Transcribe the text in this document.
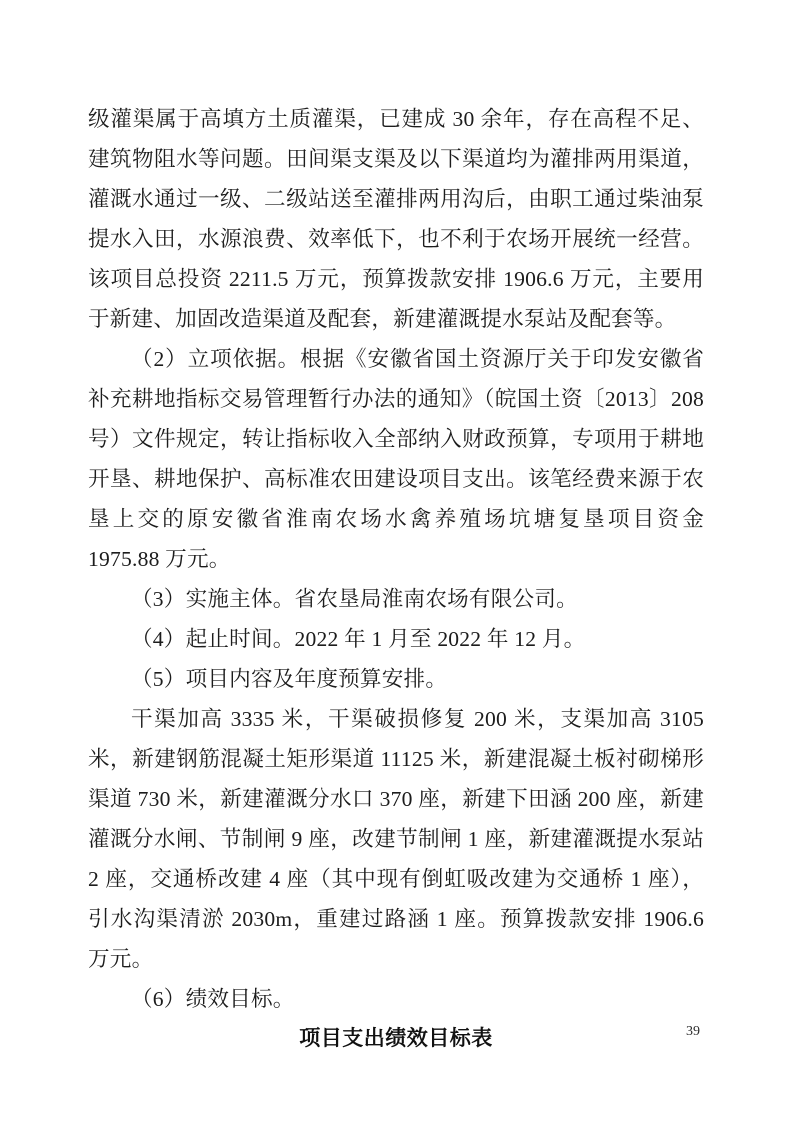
级灌渠属于高填方土质灌渠，已建成 30 余年，存在高程不足、建筑物阻水等问题。田间渠支渠及以下渠道均为灌排两用渠道，灌溉水通过一级、二级站送至灌排两用沟后，由职工通过柴油泵提水入田，水源浪费、效率低下，也不利于农场开展统一经营。该项目总投资 2211.5 万元，预算拨款安排 1906.6 万元，主要用于新建、加固改造渠道及配套，新建灌溉提水泵站及配套等。

（2）立项依据。根据《安徽省国土资源厅关于印发安徽省补充耕地指标交易管理暂行办法的通知》（皖国土资〔2013〕208 号）文件规定，转让指标收入全部纳入财政预算，专项用于耕地开垦、耕地保护、高标准农田建设项目支出。该笔经费来源于农垦上交的原安徽省淮南农场水禽养殖场坑塘复垦项目资金 1975.88 万元。

（3）实施主体。省农垦局淮南农场有限公司。

（4）起止时间。2022 年 1 月至 2022 年 12 月。

（5）项目内容及年度预算安排。

干渠加高 3335 米，干渠破损修复 200 米，支渠加高 3105 米，新建钢筋混凝土矩形渠道 11125 米，新建混凝土板衬砌梯形渠道 730 米，新建灌溉分水口 370 座，新建下田涵 200 座，新建灌溉分水闸、节制闸 9 座，改建节制闸 1 座，新建灌溉提水泵站 2 座，交通桥改建 4 座（其中现有倒虹吸改建为交通桥 1 座），引水沟渠清淤 2030m，重建过路涵 1 座。预算拨款安排 1906.6 万元。

（6）绩效目标。

项目支出绩效目标表	39
